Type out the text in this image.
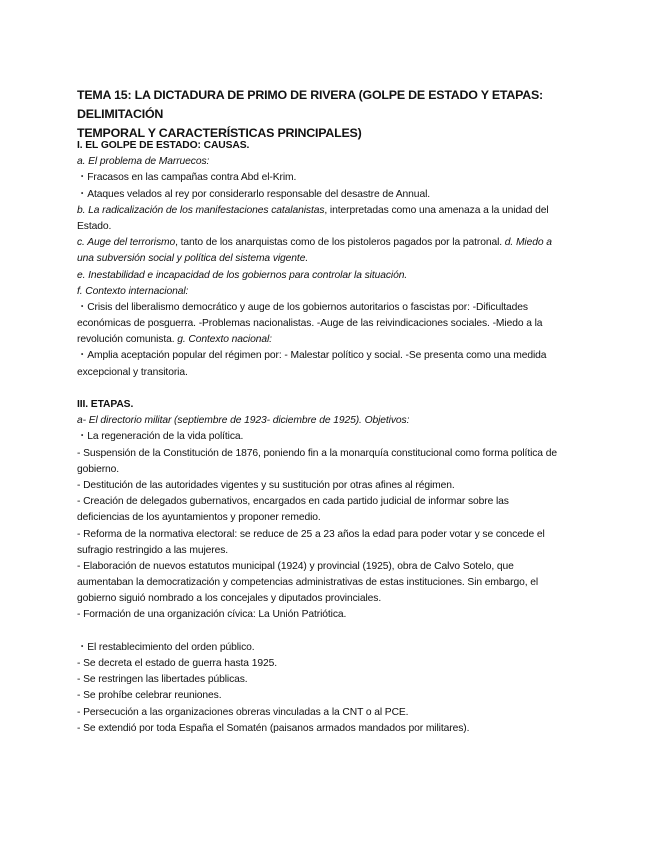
TEMA 15: LA DICTADURA DE PRIMO DE RIVERA (GOLPE DE ESTADO Y ETAPAS: DELIMITACIÓN
TEMPORAL Y CARACTERÍSTICAS PRINCIPALES)
I. EL GOLPE DE ESTADO: CAUSAS.
a. El problema de Marruecos:
・Fracasos en las campañas contra Abd el-Krim.
・Ataques velados al rey por considerarlo responsable del desastre de Annual.
b. La radicalización de los manifestaciones catalanistas, interpretadas como una amenaza a la unidad del
Estado.
c. Auge del terrorismo, tanto de los anarquistas como de los pistoleros pagados por la patronal. d. Miedo a
una subversión social y política del sistema vigente.
e. Inestabilidad e incapacidad de los gobiernos para controlar la situación.
f. Contexto internacional:
・Crisis del liberalismo democrático y auge de los gobiernos autoritarios o fascistas por: -Dificultades
económicas de posguerra. -Problemas nacionalistas. -Auge de las reivindicaciones sociales. -Miedo a la
revolución comunista. g. Contexto nacional:
・Amplia aceptación popular del régimen por: - Malestar político y social. -Se presenta como una medida
excepcional y transitoria.
III. ETAPAS.
a- El directorio militar (septiembre de 1923- diciembre de 1925). Objetivos:
・La regeneración de la vida política.
- Suspensión de la Constitución de 1876, poniendo fin a la monarquía constitucional como forma política de
gobierno.
- Destitución de las autoridades vigentes y su sustitución por otras afines al régimen.
- Creación de delegados gubernativos, encargados en cada partido judicial de informar sobre las
deficiencias de los ayuntamientos y proponer remedio.
- Reforma de la normativa electoral: se reduce de 25 a 23 años la edad para poder votar y se concede el
sufragio restringido a las mujeres.
- Elaboración de nuevos estatutos municipal (1924) y provincial (1925), obra de Calvo Sotelo, que
aumentaban la democratización y competencias administrativas de estas instituciones. Sin embargo, el
gobierno siguió nombrado a los concejales y diputados provinciales.
- Formación de una organización cívica: La Unión Patriótica.
・El restablecimiento del orden público.
- Se decreta el estado de guerra hasta 1925.
- Se restringen las libertades públicas.
- Se prohíbe celebrar reuniones.
- Persecución a las organizaciones obreras vinculadas a la CNT o al PCE.
- Se extendió por toda España el Somatén (paisanos armados mandados por militares).
